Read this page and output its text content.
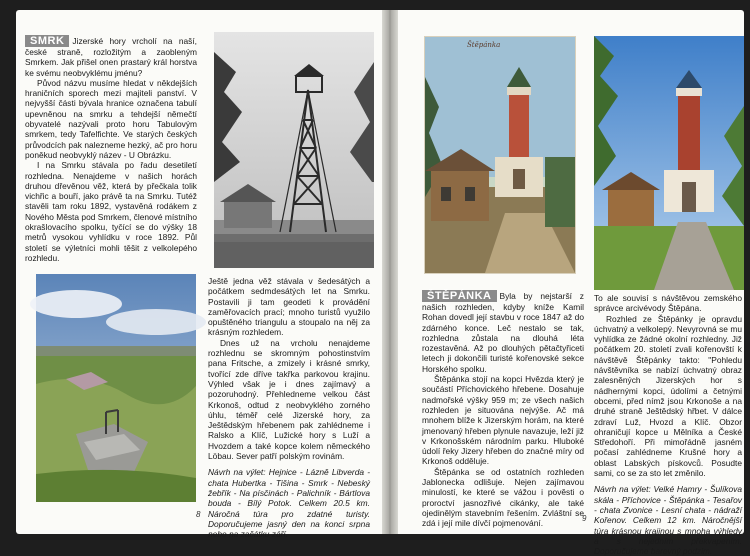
SMRK Jizerské hory vrcholí na naší, české straně, rozložitým a zaobleným Smrkem. Jak přišel onen prastarý král horstva ke svému neobvyklému jménu?

Původ názvu musíme hledat v někdejších hraničních sporech mezi majiteli panství. V nejvyšší části bývala hranice označena tabulí upevněnou na smrku a tehdejší němečtí obyvatelé nazývali proto horu Tabulovým smrkem, tedy Tafelfichte. Ve starých českých průvodcích pak nalezneme hezký, ač pro horu poněkud neobvyklý název - U Obrázku.

I na Smrku stávala po řadu desetiletí rozhledna. Nenajdeme v našich horách druhou dřevěnou věž, která by přečkala tolik vichřic a bouří, jako právě ta na Smrku. Tutéž stavěli tam roku 1892, vystavěná rodákem z Nového Města pod Smrkem, členové místního okrašlovacího spolku, tyčící se do výšky 18 metrů vysokou vyhlídku v roce 1892. Půl století se výletníci mohli těšit z velkolepého rozhledu.

Ještě jedna věž stávala v šedesátých a počátkem sedmdesátých let na Smrku. Postavili ji tam geodeti k provádění zaměřovacích prací; mnoho turistů využilo opuštěného triangulu a stoupalo na něj za krásným rozhledem.

Dnes už na vrcholu nenajdeme rozhlednu se skromným pohostinstvím pana Fritsche, a zmizely i krásné smrky, tvořící zde dříve takřka parkovou krajinu. Výhled však je i dnes zajímavý a pozoruhodný. Přehledneme velkou část Krkonoš, odtud z neobvyklého zorného úhlu, téměř celé Jizerské hory, za Ještědským hřebenem pak zahlédneme i Ralsko a Klíč, Lužické hory s Luží a Hvozdem a také kopce kolem německého Löbau. Sever patří polským rovinám.

Návrh na výlet: Hejnice - Lázně Libverda - chata Hubertka - Tišina - Smrk - Nebeský žebřík - Na písčinách - Palichník - Bártlova bouda - Bílý Potok. Celkem 20.5 km. Náročná túra pro zdatné turisty. Doporučujeme jasný den na konci srpna nebo na začátku září.

8
Štěpánka

ŠTĚPÁNKA Byla by nejstarší z našich rozhleden, kdyby kníže Kamil Rohan dovedl její stavbu v roce 1847 až do zdárného konce. Leč nestalo se tak, rozhledna zůstala na dlouhá léta rozestavěná. Až po dlouhých pětačtyřiceti letech ji dokončili turisté kořenovské sekce Horského spolku.

Štěpánka stojí na kopci Hvězda který je součástí Příchovického hřebene. Dosahuje nadmořské výšky 959 m; ze všech našich rozhleden je situována nejvýše. Ač má mnohem blíže k Jizerským horám, na které jmenovaný hřeben plynule navazuje, leží již v Krkonošském národním parku. Hluboké údolí řeky Jizery hřeben do značné míry od Krkonoš odděluje.

Štěpánka se od ostatních rozhleden Jablonecka odlišuje. Nejen zajímavou minulostí, ke které se vážou i pověsti o proroctví jasnozřivé cikánky, ale také ojedinělým stavebním řešením. Zvláštní se zdá i její mile dívčí pojmenování.

To ale souvisí s návštěvou zemského správce arcivévody Štěpána.

Rozhled ze Štěpánky je opravdu úchvatný a velkolepý. Nevyrovná se mu vyhlídka ze žádné okolní rozhledny. Již počátkem 20. století zvali kořenovští k návštěvě Štěpánky takto: "Pohledu návštěvníka se nabízí úchvatný obraz zalesněných Jizerských hor s nádhernými kopci, údolími a četnými obcemi, před nímž jsou Krkonoše a na druhé straně Ještědský hřbet. V dálce zdraví Luž, Hvozd a Klíč. Obzor ohraničují kopce u Mělníka a České Středohoří. Při mimořádně jasném počasí zahlédneme Krušné hory a oblast Labských pískovců. Posudte sami, co se za sto let změnilo.

Návrh na výlet: Velké Hamry - Šulíkova skála - Příchovice - Štěpánka - Tesařov - chata Zvonice - Lesní chata - nádraží Kořenov. Celkem 12 km. Náročnější túra krásnou krajinou s mnoha výhledy a s nejedním překvapením. Doporučujeme barevný podzim.

9
